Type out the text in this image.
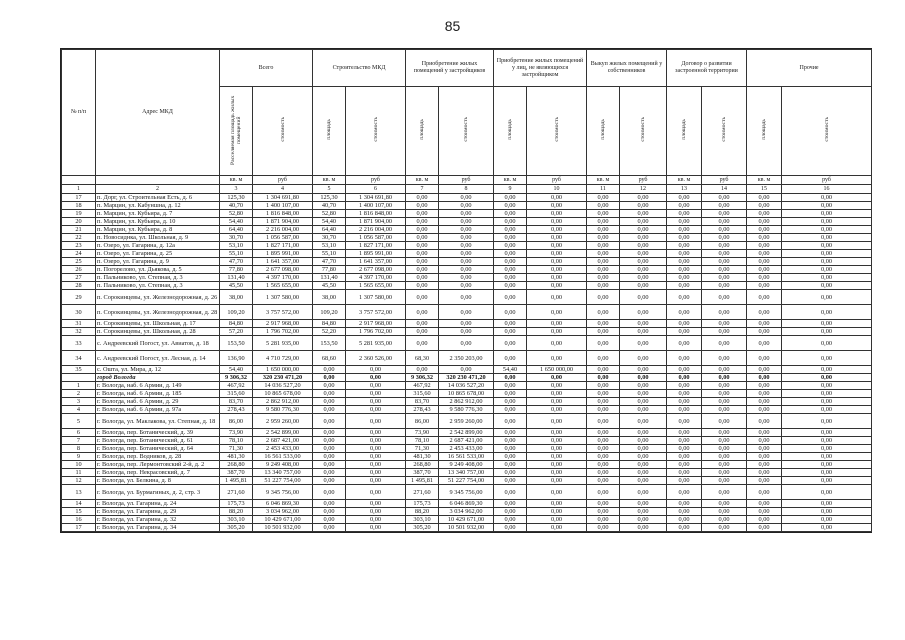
85
№ п/п	Адрес МКД	Всего		Строительство МКД		Приобретение жилых помещений у застройщиков		Приобретение жилых помещений у лиц, не являющихся застройщиком		Выкуп жилых помещений у собственников		Договор о развитии застроенной территории		Прочие	
		Расселяемая площадь жилых помещений	стоимость	площадь	стоимость	площадь	стоимость	площадь	стоимость	площадь	стоимость	площадь	стоимость	площадь	стоимость
		кв. м	руб	кв. м	руб	кв. м	руб	кв. м	руб	кв. м	руб	кв. м	руб	кв. м	руб
1	2	3	4	5	6	7	8	9	10	11	12	13	14	15	16
17	п. Дорг, ул. Строительная Есть, д. 6	125,30	1 304 691,80	125,30	1 304 691,80	0,00	0,00	0,00	0,00	0,00	0,00	0,00	0,00	0,00	0,00
18	п. Марцин, ул. Кабуншна, д. 12	40,70	1 400 107,00	40,70	1 400 107,00	0,00	0,00	0,00	0,00	0,00	0,00	0,00	0,00	0,00	0,00
19	п. Марцин, ул. Кубьира, д. 7	52,80	1 816 848,00	52,80	1 816 848,00	0,00	0,00	0,00	0,00	0,00	0,00	0,00	0,00	0,00	0,00
20	п. Марцин, ул. Кубьира, д. 10	54,40	1 871 904,00	54,40	1 871 904,00	0,00	0,00	0,00	0,00	0,00	0,00	0,00	0,00	0,00	0,00
21	п. Марцин, ул. Кубьира, д. 8	64,40	2 216 004,00	64,40	2 216 004,00	0,00	0,00	0,00	0,00	0,00	0,00	0,00	0,00	0,00	0,00
22	п. Новосиднка, ул. Школьная, д. 9	30,70	1 056 587,00	30,70	1 056 587,00	0,00	0,00	0,00	0,00	0,00	0,00	0,00	0,00	0,00	0,00
23	п. Озеро, ул. Гагарина, д. 12а	53,10	1 827 171,00	53,10	1 827 171,00	0,00	0,00	0,00	0,00	0,00	0,00	0,00	0,00	0,00	0,00
24	п. Озеро, ул. Гагарина, д. 25	55,10	1 895 991,00	55,10	1 895 991,00	0,00	0,00	0,00	0,00	0,00	0,00	0,00	0,00	0,00	0,00
25	п. Озеро, ул. Гагарина, д. 9	47,70	1 641 357,00	47,70	1 641 357,00	0,00	0,00	0,00	0,00	0,00	0,00	0,00	0,00	0,00	0,00
26	п. Погорелово, ул. Дьякова, д. 5	77,80	2 677 098,00	77,80	2 677 098,00	0,00	0,00	0,00	0,00	0,00	0,00	0,00	0,00	0,00	0,00
27	п. Пальниково, ул. Степная, д. 3	131,40	4 397 170,00	131,40	4 397 170,00	0,00	0,00	0,00	0,00	0,00	0,00	0,00	0,00	0,00	0,00
28	п. Пальниково, ул. Степная, д. 3	45,50	1 565 655,00	45,50	1 565 655,00	0,00	0,00	0,00	0,00	0,00	0,00	0,00	0,00	0,00	0,00
29	п. Сорокинцевы, ул. Железнодорожная, д. 26	38,00	1 307 580,00	38,00	1 307 580,00	0,00	0,00	0,00	0,00	0,00	0,00	0,00	0,00	0,00	0,00
30	п. Сорокинцевы, ул. Железнодорожная, д. 28	109,20	3 757 572,00	109,20	3 757 572,00	0,00	0,00	0,00	0,00	0,00	0,00	0,00	0,00	0,00	0,00
31	п. Сорокинцевы, ул. Школьная, д. 17	84,80	2 917 968,00	84,80	2 917 968,00	0,00	0,00	0,00	0,00	0,00	0,00	0,00	0,00	0,00	0,00
32	п. Сорокинцевы, ул. Школьная, д. 28	57,20	1 796 702,00	52,20	1 796 702,00	0,00	0,00	0,00	0,00	0,00	0,00	0,00	0,00	0,00	0,00
33	с. Андреевский Погост, ул. Авиатов, д. 18	153,50	5 281 935,00	153,50	5 281 935,00	0,00	0,00	0,00	0,00	0,00	0,00	0,00	0,00	0,00	0,00
34	с. Андреевский Погост, ул. Лесная, д. 14	136,90	4 710 729,00	68,60	2 360 526,00	68,30	2 350 203,00	0,00	0,00	0,00	0,00	0,00	0,00	0,00	0,00
35	с. Ошта, ул. Мира, д. 12	54,40	1 650 000,00	0,00	0,00	0,00	0,00	54,40	1 650 000,00	0,00	0,00	0,00	0,00	0,00	0,00
	город Вологда	9 306,32	320 230 471,20	0,00	0,00	9 306,32	320 230 471,20	0,00	0,00	0,00	0,00	0,00	0,00	0,00	0,00
1	г. Вологда, наб. 6 Армии, д. 149	467,92	14 036 527,20	0,00	0,00	467,92	14 036 527,20	0,00	0,00	0,00	0,00	0,00	0,00	0,00	0,00
2	г. Вологда, наб. 6 Армии, д. 185	315,60	10 865 678,00	0,00	0,00	315,60	10 865 678,00	0,00	0,00	0,00	0,00	0,00	0,00	0,00	0,00
3	г. Вологда, наб. 6 Армии, д. 29	83,70	2 862 912,00	0,00	0,00	83,70	2 862 912,00	0,00	0,00	0,00	0,00	0,00	0,00	0,00	0,00
4	г. Вологда, наб. 6 Армии, д. 97а	278,43	9 580 776,30	0,00	0,00	278,43	9 580 776,30	0,00	0,00	0,00	0,00	0,00	0,00	0,00	0,00
5	г. Вологда, ул. Маклакова, ул. Степная, д. 18	86,00	2 959 260,00	0,00	0,00	86,00	2 959 260,00	0,00	0,00	0,00	0,00	0,00	0,00	0,00	0,00
6	г. Вологда, пер. Ботанический, д. 39	73,90	2 542 899,00	0,00	0,00	73,90	2 542 899,00	0,00	0,00	0,00	0,00	0,00	0,00	0,00	0,00
7	г. Вологда, пер. Ботанический, д. 61	78,10	2 687 421,00	0,00	0,00	78,10	2 687 421,00	0,00	0,00	0,00	0,00	0,00	0,00	0,00	0,00
8	г. Вологда, пер. Ботанический, д. 64	71,30	2 453 433,00	0,00	0,00	71,30	2 453 433,00	0,00	0,00	0,00	0,00	0,00	0,00	0,00	0,00
9	г. Вологда, пер. Водников, д. 28	481,30	16 561 533,00	0,00	0,00	481,30	16 561 533,00	0,00	0,00	0,00	0,00	0,00	0,00	0,00	0,00
10	г. Вологда, пер. Лермонтовский 2-й, д. 2	268,80	9 249 408,00	0,00	0,00	268,80	9 249 408,00	0,00	0,00	0,00	0,00	0,00	0,00	0,00	0,00
11	г. Вологда, пер. Некрасовский, д. 7	387,70	13 340 757,00	0,00	0,00	387,70	13 340 757,00	0,00	0,00	0,00	0,00	0,00	0,00	0,00	0,00
12	г. Вологда, ул. Белкина, д. 8	1 495,81	51 227 754,00	0,00	0,00	1 495,81	51 227 754,00	0,00	0,00	0,00	0,00	0,00	0,00	0,00	0,00
13	г. Вологда, ул. Бурмагиных, д. 2, стр. 3	271,60	9 345 756,00	0,00	0,00	271,60	9 345 756,00	0,00	0,00	0,00	0,00	0,00	0,00	0,00	0,00
14	г. Вологда, ул. Гагарина, д. 24	175,73	6 046 869,30	0,00	0,00	175,73	6 046 869,30	0,00	0,00	0,00	0,00	0,00	0,00	0,00	0,00
15	г. Вологда, ул. Гагарина, д. 29	88,20	3 034 962,00	0,00	0,00	88,20	3 034 962,00	0,00	0,00	0,00	0,00	0,00	0,00	0,00	0,00
16	г. Вологда, ул. Гагарина, д. 32	303,10	10 429 671,00	0,00	0,00	303,10	10 429 671,00	0,00	0,00	0,00	0,00	0,00	0,00	0,00	0,00
17	г. Вологда, ул. Гагарина, д. 34	305,20	10 501 932,00	0,00	0,00	305,20	10 501 932,00	0,00	0,00	0,00	0,00	0,00	0,00	0,00	0,00
